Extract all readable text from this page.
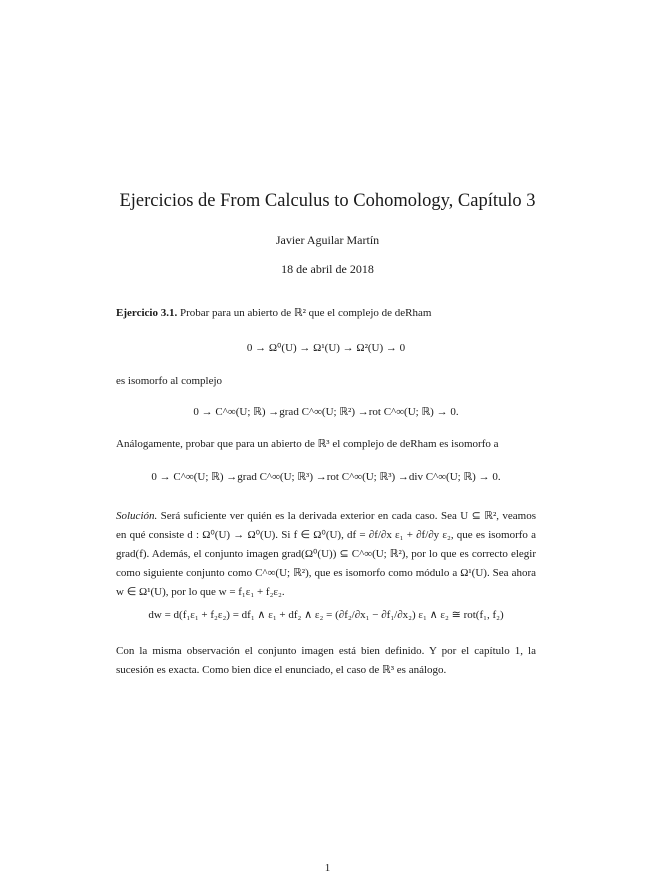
Ejercicios de From Calculus to Cohomology, Capítulo 3
Javier Aguilar Martín
18 de abril de 2018
Ejercicio 3.1. Probar para un abierto de ℝ² que el complejo de deRham
0 → Ω⁰(U) → Ω¹(U) → Ω²(U) → 0
es isomorfo al complejo
0 → C^∞(U; ℝ) →grad C^∞(U; ℝ²) →rot C^∞(U; ℝ) → 0.
Análogamente, probar que para un abierto de ℝ³ el complejo de deRham es isomorfo a
0 → C^∞(U; ℝ) →grad C^∞(U; ℝ³) →rot C^∞(U; ℝ³) →div C^∞(U; ℝ) → 0.
Solución. Será suficiente ver quién es la derivada exterior en cada caso. Sea U ⊆ ℝ², veamos en qué consiste d : Ω⁰(U) → Ω⁰(U). Si f ∈ Ω⁰(U), df = ∂f/∂x ε₁ + ∂f/∂y ε₂, que es isomorfo a grad(f). Además, el conjunto imagen grad(Ω⁰(U)) ⊆ C^∞(U; ℝ²), por lo que es correcto elegir como siguiente conjunto como C^∞(U; ℝ²), que es isomorfo como módulo a Ω¹(U). Sea ahora w ∈ Ω¹(U), por lo que w = f₁ε₁ + f₂ε₂.
dw = d(f₁ε₁ + f₂ε₂) = df₁ ∧ ε₁ + df₂ ∧ ε₂ = (∂f₂/∂x₁ − ∂f₁/∂x₂) ε₁ ∧ ε₂ ≅ rot(f₁, f₂)
Con la misma observación el conjunto imagen está bien definido. Y por el capítulo 1, la sucesión es exacta. Como bien dice el enunciado, el caso de ℝ³ es análogo.
1
